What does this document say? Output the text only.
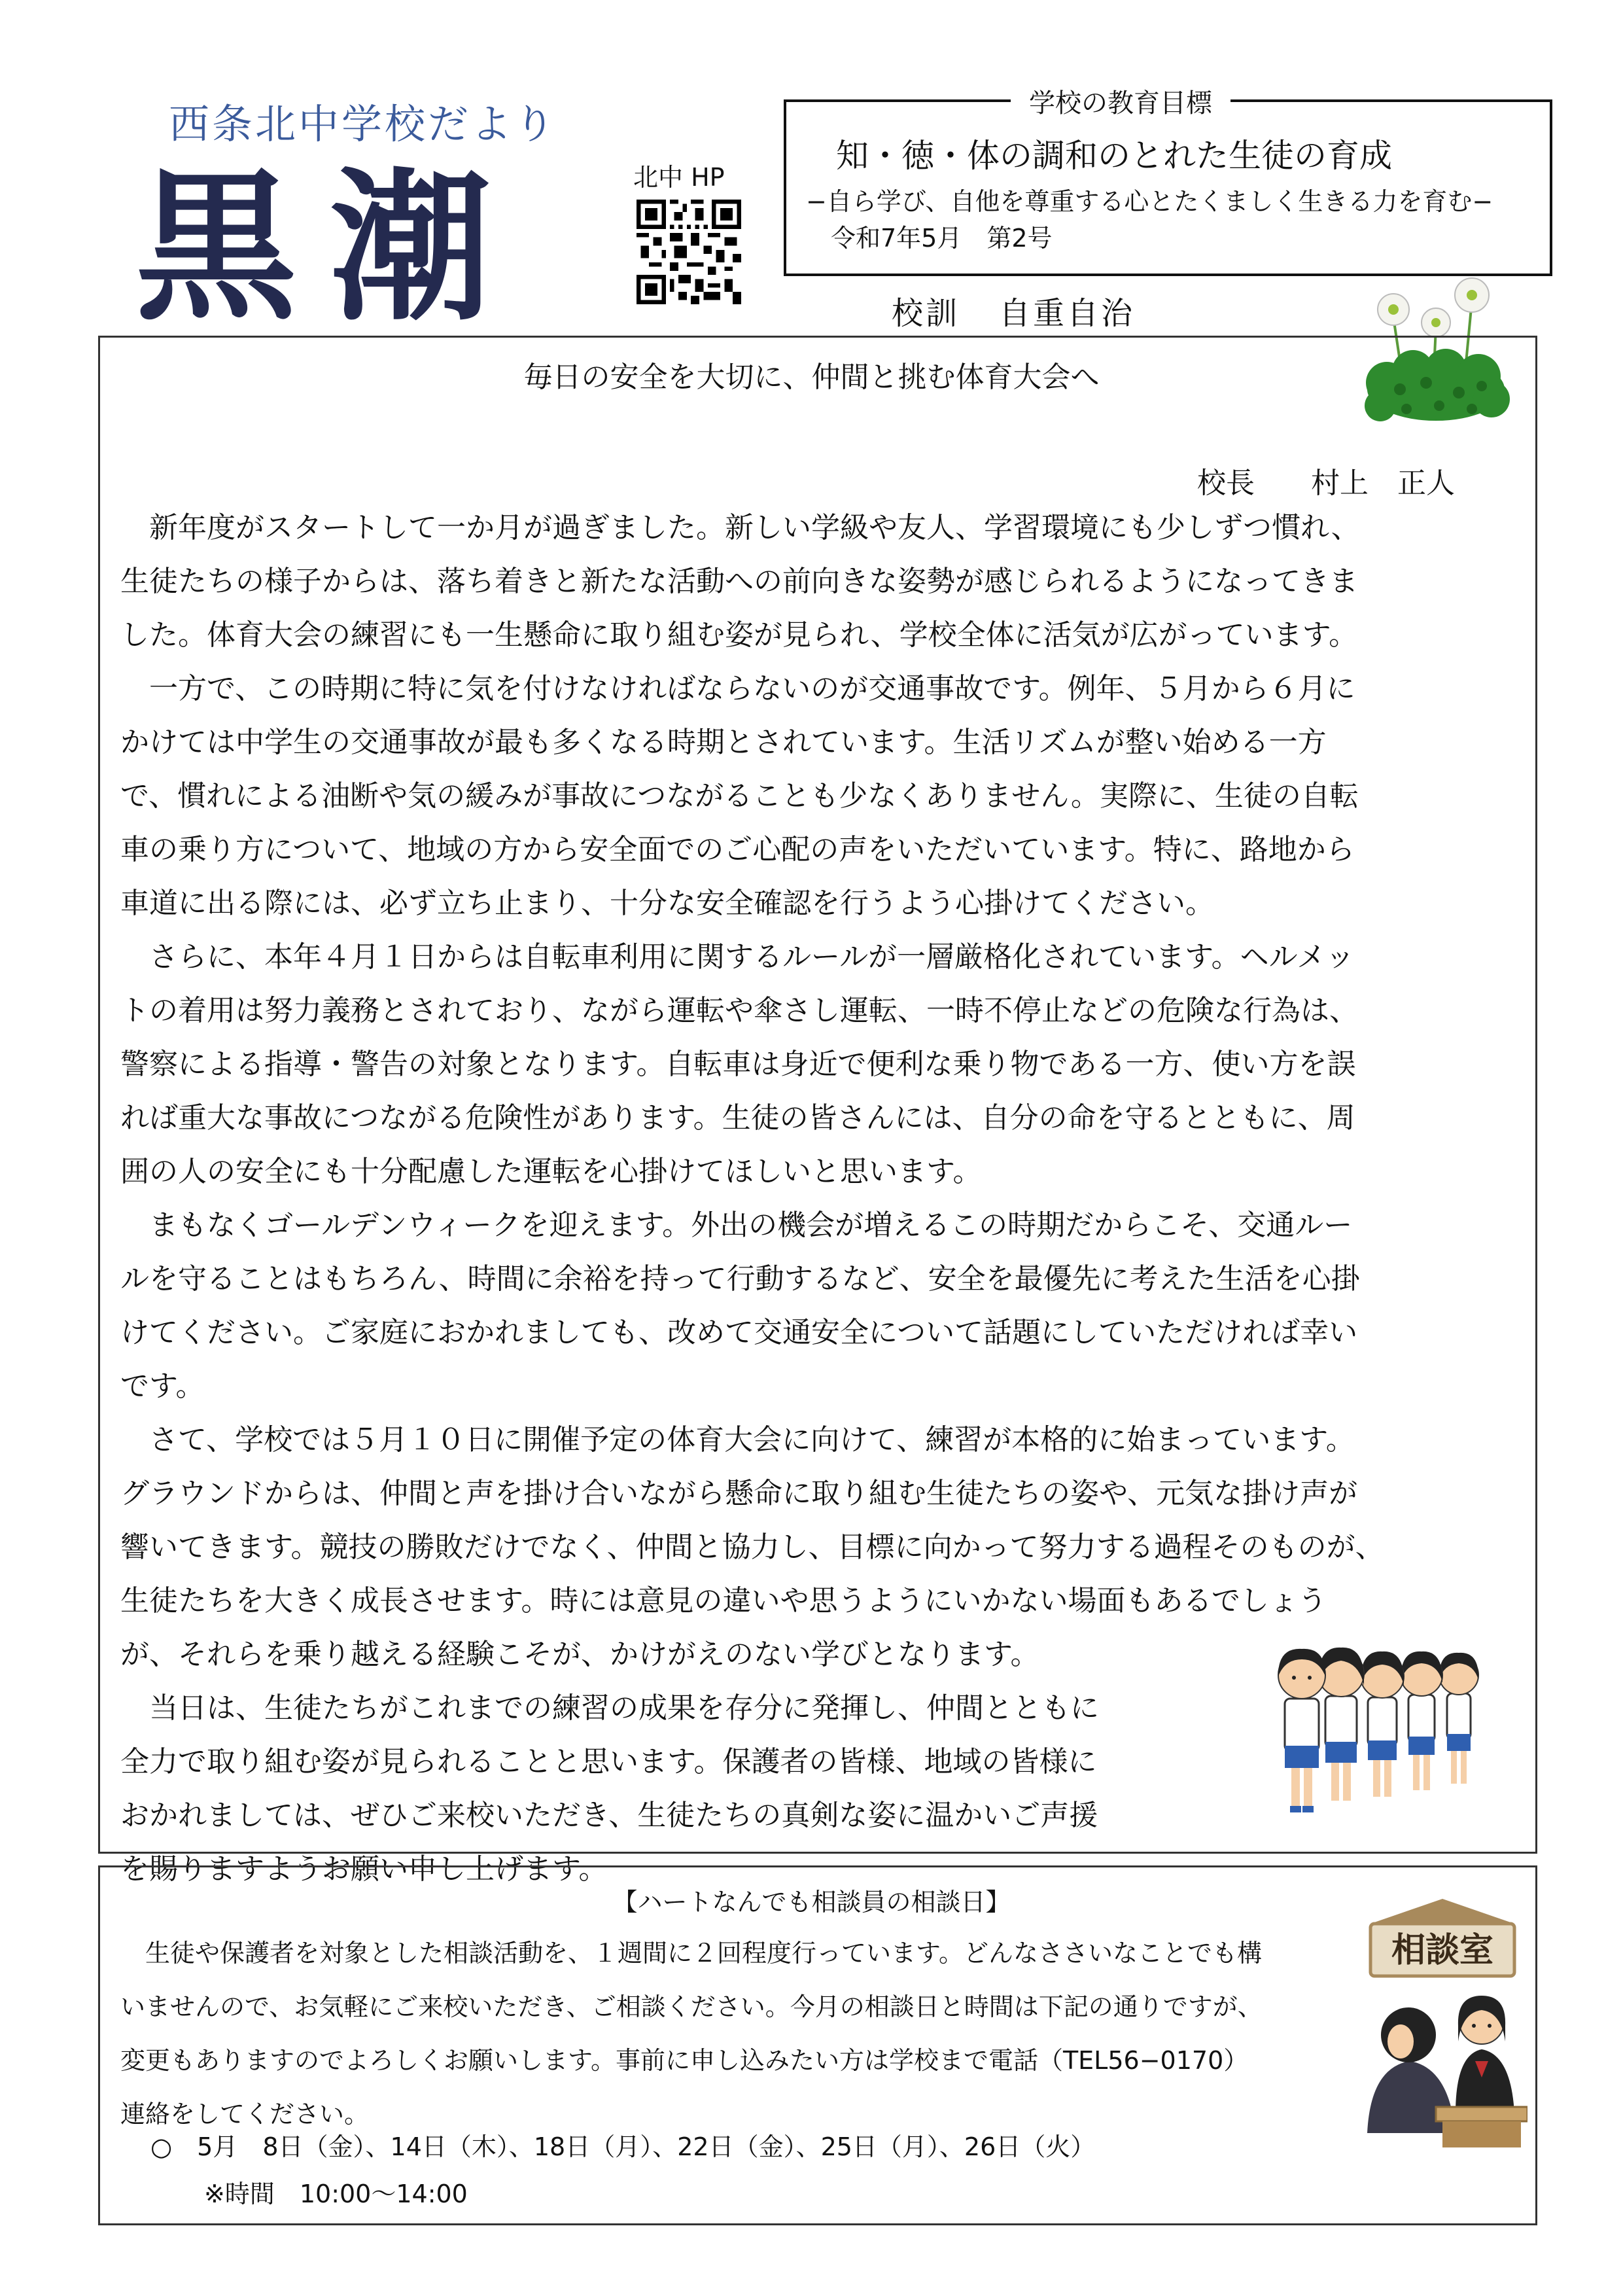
西条北中学校だより
黒潮	北中 HP
学校の教育目標
知・徳・体の調和のとれた生徒の育成
−自ら学び、自他を尊重する心とたくましく生きる力を育む−
令和7年5月　第2号
校訓 自重自治
毎日の安全を大切に、仲間と挑む体育大会へ
校長 村上　正人
　新年度がスタートして一か月が過ぎました。新しい学級や友人、学習環境にも少しずつ慣れ、
生徒たちの様子からは、落ち着きと新たな活動への前向きな姿勢が感じられるようになってきま
した。体育大会の練習にも一生懸命に取り組む姿が見られ、学校全体に活気が広がっています。
　一方で、この時期に特に気を付けなければならないのが交通事故です。例年、５月から６月に
かけては中学生の交通事故が最も多くなる時期とされています。生活リズムが整い始める一方
で、慣れによる油断や気の緩みが事故につながることも少なくありません。実際に、生徒の自転
車の乗り方について、地域の方から安全面でのご心配の声をいただいています。特に、路地から
車道に出る際には、必ず立ち止まり、十分な安全確認を行うよう心掛けてください。
　さらに、本年４月１日からは自転車利用に関するルールが一層厳格化されています。ヘルメッ
トの着用は努力義務とされており、ながら運転や傘さし運転、一時不停止などの危険な行為は、
警察による指導・警告の対象となります。自転車は身近で便利な乗り物である一方、使い方を誤
れば重大な事故につながる危険性があります。生徒の皆さんには、自分の命を守るとともに、周
囲の人の安全にも十分配慮した運転を心掛けてほしいと思います。
　まもなくゴールデンウィークを迎えます。外出の機会が増えるこの時期だからこそ、交通ルー
ルを守ることはもちろん、時間に余裕を持って行動するなど、安全を最優先に考えた生活を心掛
けてください。ご家庭におかれましても、改めて交通安全について話題にしていただければ幸い
です。
　さて、学校では５月１０日に開催予定の体育大会に向けて、練習が本格的に始まっています。
グラウンドからは、仲間と声を掛け合いながら懸命に取り組む生徒たちの姿や、元気な掛け声が
響いてきます。競技の勝敗だけでなく、仲間と協力し、目標に向かって努力する過程そのものが、
生徒たちを大きく成長させます。時には意見の違いや思うようにいかない場面もあるでしょう
が、それらを乗り越える経験こそが、かけがえのない学びとなります。
　当日は、生徒たちがこれまでの練習の成果を存分に発揮し、仲間とともに
全力で取り組む姿が見られることと思います。保護者の皆様、地域の皆様に
おかれましては、ぜひご来校いただき、生徒たちの真剣な姿に温かいご声援
を賜りますようお願い申し上げます。
【ハートなんでも相談員の相談日】
　生徒や保護者を対象とした相談活動を、１週間に２回程度行っています。どんなささいなことでも構
いませんので、お気軽にご来校いただき、ご相談ください。今月の相談日と時間は下記の通りですが、
変更もありますのでよろしくお願いします。事前に申し込みたい方は学校まで電話（TEL56−0170）
連絡をしてください。
○　5月　8日（金）、14日（木）、18日（月）、22日（金）、25日（月）、26日（火）
※時間　10:00〜14:00
相談室
